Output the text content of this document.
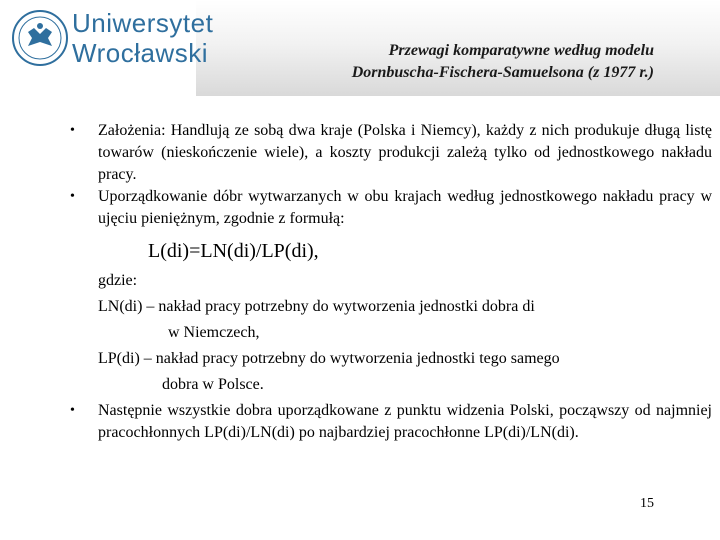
Uniwersytet
Wrocławski	Przewagi komparatywne według modelu
Dornbuscha-Fischera-Samuelsona (z 1977 r.)
• Założenia: Handlują ze sobą dwa kraje (Polska i Niemcy), każdy z nich produkuje długą listę towarów (nieskończenie wiele), a koszty produkcji zależą tylko od jednostkowego nakładu pracy.
• Uporządkowanie dóbr wytwarzanych w obu krajach według jednostkowego nakładu pracy w ujęciu pieniężnym, zgodnie z formułą:
L(di)=LN(di)/LP(di),
gdzie:
LN(di) – nakład pracy potrzebny do wytworzenia jednostki dobra di
w Niemczech,
LP(di) – nakład pracy potrzebny do wytworzenia jednostki tego samego
dobra w Polsce.
• Następnie wszystkie dobra uporządkowane z punktu widzenia Polski, począwszy od najmniej pracochłonnych LP(di)/LN(di) po najbardziej pracochłonne LP(di)/LN(di).
15
